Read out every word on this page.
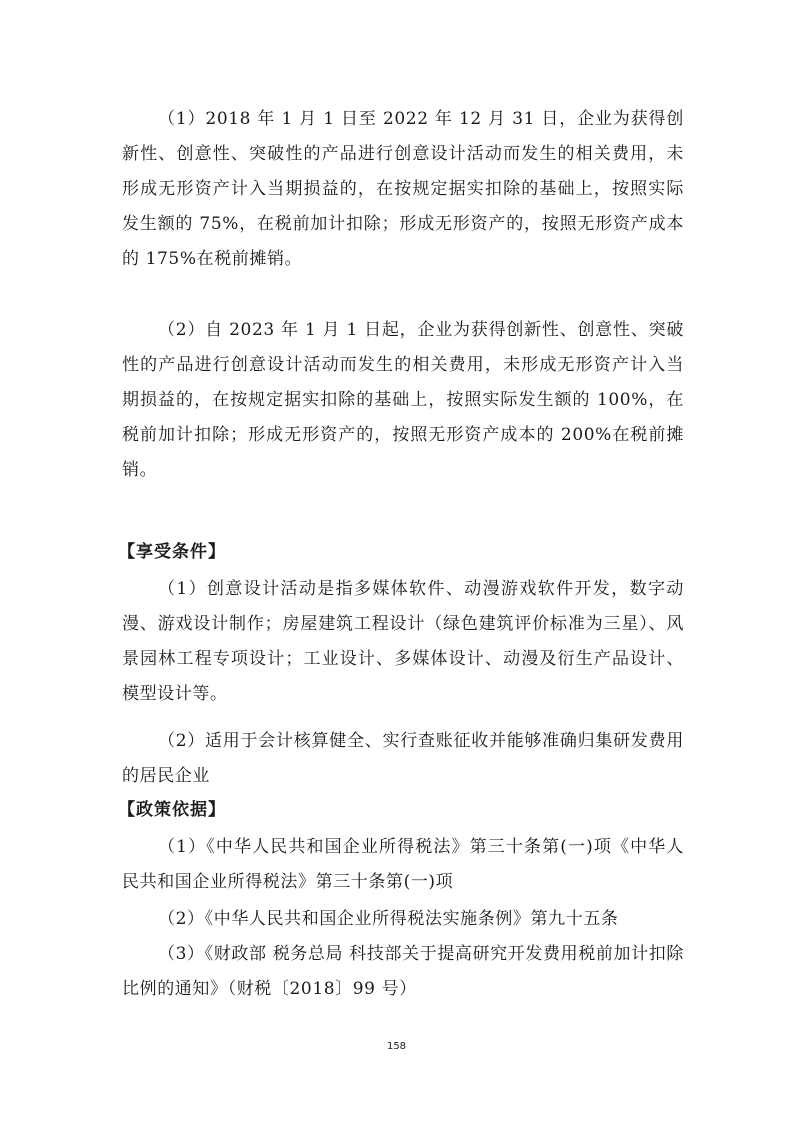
（1）2018 年 1 月 1 日至 2022 年 12 月 31 日，企业为获得创新性、创意性、突破性的产品进行创意设计活动而发生的相关费用，未形成无形资产计入当期损益的，在按规定据实扣除的基础上，按照实际发生额的 75%，在税前加计扣除；形成无形资产的，按照无形资产成本的 175%在税前摊销。

（2）自 2023 年 1 月 1 日起，企业为获得创新性、创意性、突破性的产品进行创意设计活动而发生的相关费用，未形成无形资产计入当期损益的，在按规定据实扣除的基础上，按照实际发生额的 100%，在税前加计扣除；形成无形资产的，按照无形资产成本的 200%在税前摊销。

【享受条件】

（1）创意设计活动是指多媒体软件、动漫游戏软件开发，数字动漫、游戏设计制作；房屋建筑工程设计（绿色建筑评价标准为三星）、风景园林工程专项设计；工业设计、多媒体设计、动漫及衍生产品设计、模型设计等。

（2）适用于会计核算健全、实行查账征收并能够准确归集研发费用的居民企业

【政策依据】

（1）《中华人民共和国企业所得税法》第三十条第(一)项《中华人民共和国企业所得税法》第三十条第(一)项

（2）《中华人民共和国企业所得税法实施条例》第九十五条

（3）《财政部 税务总局 科技部关于提高研究开发费用税前加计扣除比例的通知》（财税〔2018〕99 号）

158
